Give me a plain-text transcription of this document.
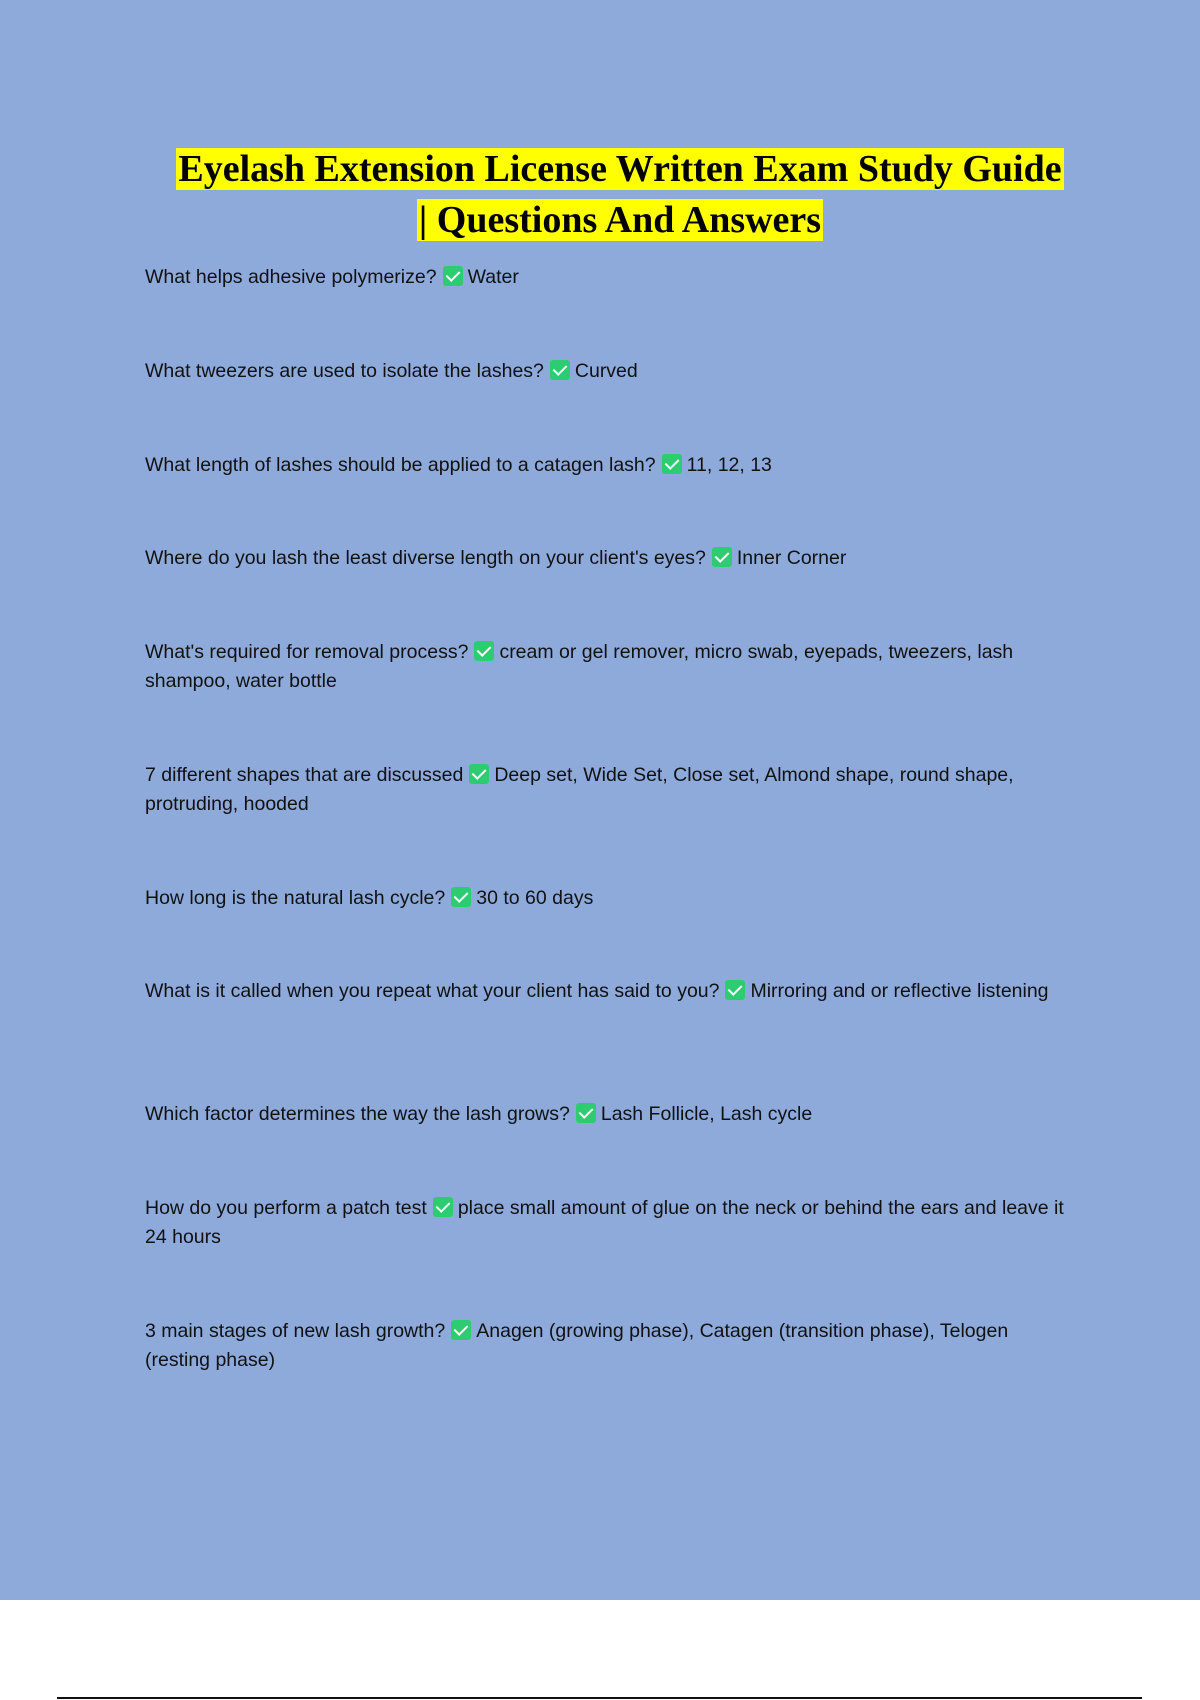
Eyelash Extension License Written Exam Study Guide
| Questions And Answers
What helps adhesive polymerize? Water
What tweezers are used to isolate the lashes? Curved
What length of lashes should be applied to a catagen lash? 11, 12, 13
Where do you lash the least diverse length on your client's eyes? Inner Corner
What's required for removal process? cream or gel remover, micro swab, eyepads, tweezers, lash shampoo, water bottle
7 different shapes that are discussed Deep set, Wide Set, Close set, Almond shape, round shape, protruding, hooded
How long is the natural lash cycle? 30 to 60 days
What is it called when you repeat what your client has said to you? Mirroring and or reflective listening
Which factor determines the way the lash grows? Lash Follicle, Lash cycle
How do you perform a patch test place small amount of glue on the neck or behind the ears and leave it 24 hours
3 main stages of new lash growth? Anagen (growing phase), Catagen (transition phase), Telogen (resting phase)
